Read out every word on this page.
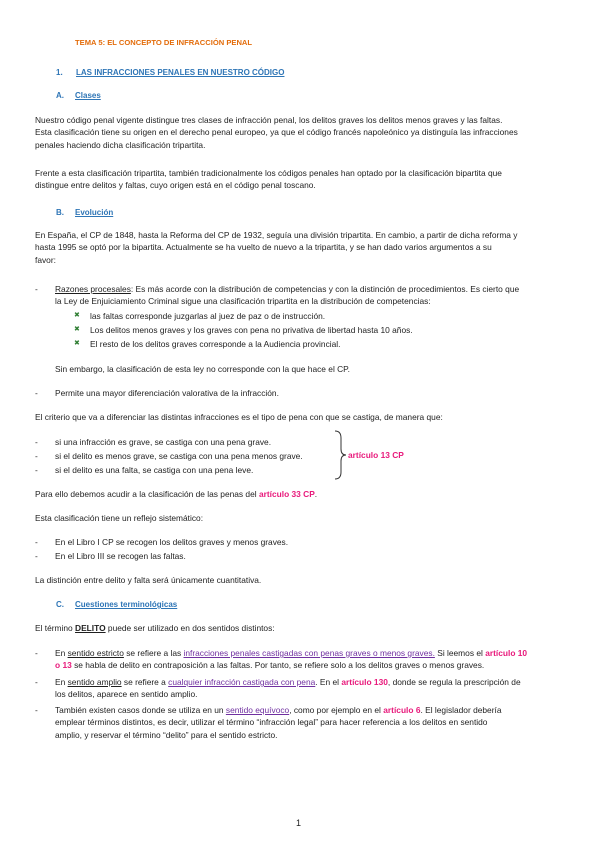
TEMA 5: EL CONCEPTO DE INFRACCIÓN PENAL
1. LAS INFRACCIONES PENALES EN NUESTRO CÓDIGO
A. Clases
Nuestro código penal vigente distingue tres clases de infracción penal, los delitos graves los delitos menos graves y las faltas.
Esta clasificación tiene su origen en el derecho penal europeo, ya que el código francés napoleónico ya distinguía las infracciones
penales haciendo dicha clasificación tripartita.
Frente a esta clasificación tripartita, también tradicionalmente los códigos penales han optado por la clasificación bipartita que
distingue entre delitos y faltas, cuyo origen está en el código penal toscano.
B. Evolución
En España, el CP de 1848, hasta la Reforma del CP de 1932, seguía una división tripartita. En cambio, a partir de dicha reforma y
hasta 1995 se optó por la bipartita. Actualmente se ha vuelto de nuevo a la tripartita, y se han dado varios argumentos a su
favor:
- Razones procesales: Es más acorde con la distribución de competencias y con la distinción de procedimientos. Es cierto que
la Ley de Enjuiciamiento Criminal sigue una clasificación tripartita en la distribución de competencias:
✖ las faltas corresponde juzgarlas al juez de paz o de instrucción.
✖ Los delitos menos graves y los graves con pena no privativa de libertad hasta 10 años.
✖ El resto de los delitos graves corresponde a la Audiencia provincial.
Sin embargo, la clasificación de esta ley no corresponde con la que hace el CP.
- Permite una mayor diferenciación valorativa de la infracción.
El criterio que va a diferenciar las distintas infracciones es el tipo de pena con que se castiga, de manera que:
- si una infracción es grave, se castiga con una pena grave.
- si el delito es menos grave, se castiga con una pena menos grave.
- si el delito es una falta, se castiga con una pena leve.
artículo 13 CP
Para ello debemos acudir a la clasificación de las penas del artículo 33 CP.
Esta clasificación tiene un reflejo sistemático:
- En el Libro I CP se recogen los delitos graves y menos graves.
- En el Libro III se recogen las faltas.
La distinción entre delito y falta será únicamente cuantitativa.
C. Cuestiones terminológicas
El término DELITO puede ser utilizado en dos sentidos distintos:
- En sentido estricto se refiere a las infracciones penales castigadas con penas graves o menos graves. Si leemos el artículo 10
o 13 se habla de delito en contraposición a las faltas. Por tanto, se refiere solo a los delitos graves o menos graves.
- En sentido amplio se refiere a cualquier infracción castigada con pena. En el artículo 130, donde se regula la prescripción de
los delitos, aparece en sentido amplio.
- También existen casos donde se utiliza en un sentido equívoco, como por ejemplo en el artículo 6. El legislador debería
emplear términos distintos, es decir, utilizar el término “infracción legal” para hacer referencia a los delitos en sentido
amplio, y reservar el término “delito” para el sentido estricto.
1
